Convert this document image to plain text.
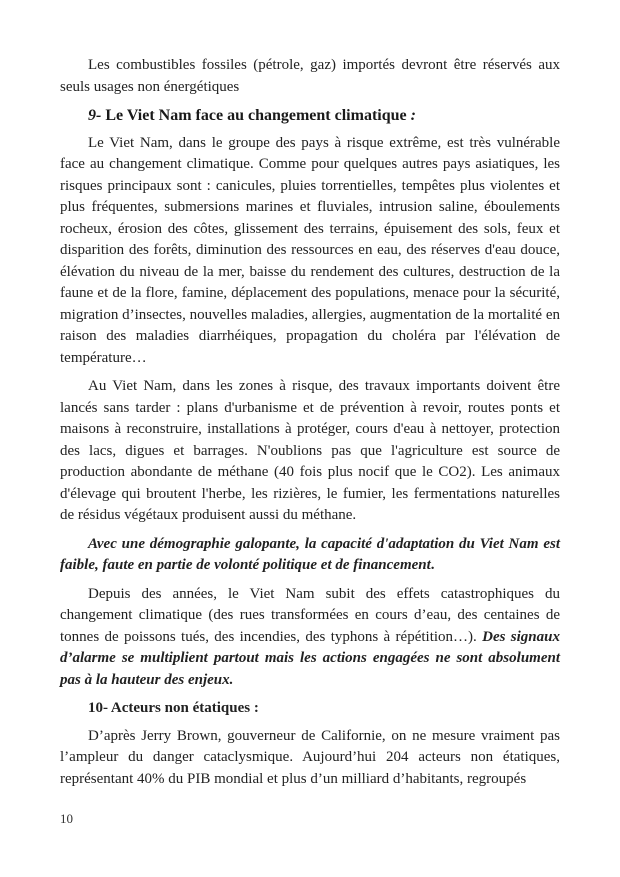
Les combustibles fossiles (pétrole, gaz) importés devront être réservés aux seuls usages non énergétiques

9- Le Viet Nam face au changement climatique :

Le Viet Nam, dans le groupe des pays à risque extrême, est très vulnérable face au changement climatique. Comme pour quelques autres pays asiatiques, les risques principaux sont : canicules, pluies torrentielles, tempêtes plus violentes et plus fréquentes, submersions marines et fluviales, intrusion saline, éboulements rocheux, érosion des côtes, glissement des terrains, épuisement des sols, feux et disparition des forêts, diminution des ressources en eau, des réserves d'eau douce, élévation du niveau de la mer, baisse du rendement des cultures, destruction de la faune et de la flore, famine, déplacement des populations, menace pour la sécurité, migration d’insectes, nouvelles maladies, allergies, augmentation de la mortalité en raison des maladies diarrhéiques, propagation du choléra par l'élévation de température…

Au Viet Nam, dans les zones à risque, des travaux importants doivent être lancés sans tarder : plans d'urbanisme et de prévention à revoir, routes ponts et maisons à reconstruire, installations à protéger, cours d'eau à nettoyer, protection des lacs, digues et barrages. N'oublions pas que l'agriculture est source de production abondante de méthane (40 fois plus nocif que le CO2). Les animaux d'élevage qui broutent l'herbe, les rizières, le fumier, les fermentations naturelles de résidus végétaux produisent aussi du méthane.

Avec une démographie galopante, la capacité d'adaptation du Viet Nam est faible, faute en partie de volonté politique et de financement.

Depuis des années, le Viet Nam subit des effets catastrophiques du changement climatique (des rues transformées en cours d’eau, des centaines de tonnes de poissons tués, des incendies, des typhons à répétition…). Des signaux d’alarme se multiplient partout mais les actions engagées ne sont absolument pas à la hauteur des enjeux.

10- Acteurs non étatiques :

D’après Jerry Brown, gouverneur de Californie, on ne mesure vraiment pas l’ampleur du danger cataclysmique. Aujourd’hui 204 acteurs non étatiques, représentant 40% du PIB mondial et plus d’un milliard d’habitants, regroupés

10
